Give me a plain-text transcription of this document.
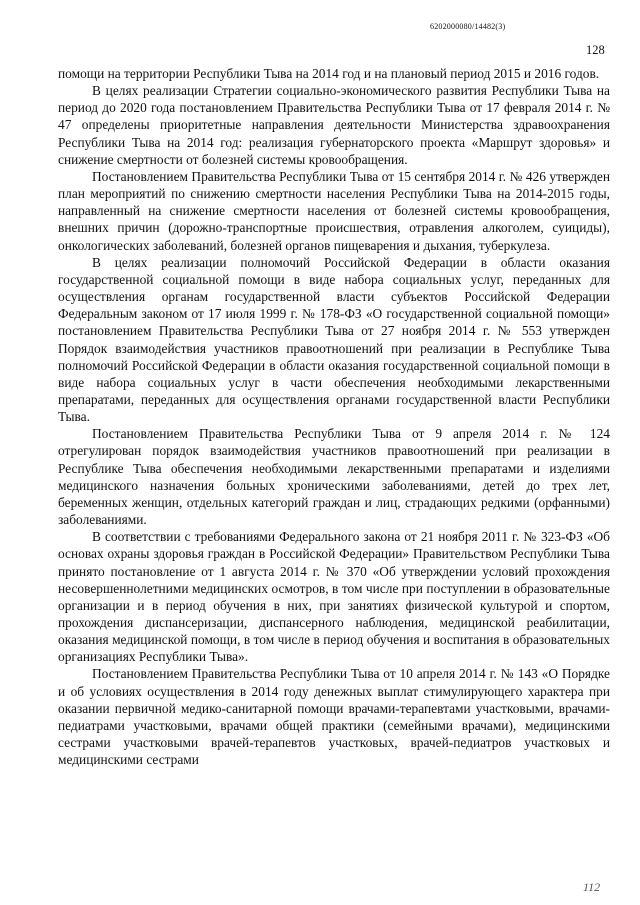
6202000080/14482(3)
128

помощи на территории Республики Тыва на 2014 год и на плановый период 2015 и 2016 годов.

В целях реализации Стратегии социально-экономического развития Республики Тыва на период до 2020 года постановлением Правительства Республики Тыва от 17 февраля 2014 г. № 47 определены приоритетные направления деятельности Министерства здравоохранения Республики Тыва на 2014 год: реализация губернаторского проекта «Маршрут здоровья» и снижение смертности от болезней системы кровообращения.

Постановлением Правительства Республики Тыва от 15 сентября 2014 г. № 426 утвержден план мероприятий по снижению смертности населения Республики Тыва на 2014-2015 годы, направленный на снижение смертности населения от болезней системы кровообращения, внешних причин (дорожно-транспортные происшествия, отравления алкоголем, суициды), онкологических заболеваний, болезней органов пищеварения и дыхания, туберкулеза.

В целях реализации полномочий Российской Федерации в области оказания государственной социальной помощи в виде набора социальных услуг, переданных для осуществления органам государственной власти субъектов Российской Федерации Федеральным законом от 17 июля 1999 г. № 178-ФЗ «О государственной социальной помощи» постановлением Правительства Республики Тыва от 27 ноября 2014 г. № 553 утвержден Порядок взаимодействия участников правоотношений при реализации в Республике Тыва полномочий Российской Федерации в области оказания государственной социальной помощи в виде набора социальных услуг в части обеспечения необходимыми лекарственными препаратами, переданных для осуществления органами государственной власти Республики Тыва.

Постановлением Правительства Республики Тыва от 9 апреля 2014 г. № 124 отрегулирован порядок взаимодействия участников правоотношений при реализации в Республике Тыва обеспечения необходимыми лекарственными препаратами и изделиями медицинского назначения больных хроническими заболеваниями, детей до трех лет, беременных женщин, отдельных категорий граждан и лиц, страдающих редкими (орфанными) заболеваниями.

В соответствии с требованиями Федерального закона от 21 ноября 2011 г. № 323-ФЗ «Об основах охраны здоровья граждан в Российской Федерации» Правительством Республики Тыва принято постановление от 1 августа 2014 г. № 370 «Об утверждении условий прохождения несовершеннолетними медицинских осмотров, в том числе при поступлении в образовательные организации и в период обучения в них, при занятиях физической культурой и спортом, прохождения диспансеризации, диспансерного наблюдения, медицинской реабилитации, оказания медицинской помощи, в том числе в период обучения и воспитания в образовательных организациях Республики Тыва».

Постановлением Правительства Республики Тыва от 10 апреля 2014 г. № 143 «О Порядке и об условиях осуществления в 2014 году денежных выплат стимулирующего характера при оказании первичной медико-санитарной помощи врачами-терапевтами участковыми, врачами-педиатрами участковыми, врачами общей практики (семейными врачами), медицинскими сестрами участковыми врачей-терапевтов участковых, врачей-педиатров участковых и медицинскими сестрами

112
